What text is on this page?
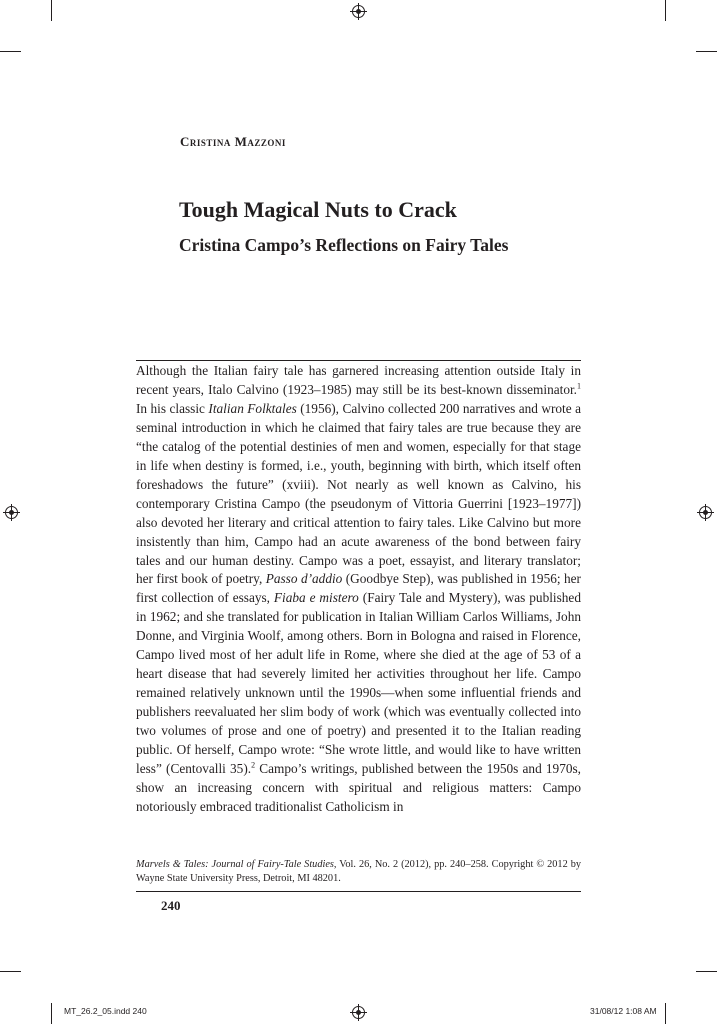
Cristina Mazzoni
Tough Magical Nuts to Crack
Cristina Campo’s Reflections on Fairy Tales

Although the Italian fairy tale has garnered increasing attention outside Italy in recent years, Italo Calvino (1923–1985) may still be its best-known disseminator.$^1$ In his classic Italian Folktales (1956), Calvino collected 200 narratives and wrote a seminal introduction in which he claimed that fairy tales are true because they are “the catalog of the potential destinies of men and women, especially for that stage in life when destiny is formed, i.e., youth, beginning with birth, which itself often foreshadows the future” (xviii). Not nearly as well known as Calvino, his contemporary Cristina Campo (the pseudonym of Vittoria Guerrini [1923–1977]) also devoted her literary and critical attention to fairy tales. Like Calvino but more insistently than him, Campo had an acute awareness of the bond between fairy tales and our human destiny. Campo was a poet, essayist, and literary translator; her first book of poetry, Passo d’addio (Goodbye Step), was published in 1956; her first collection of essays, Fiaba e mistero (Fairy Tale and Mystery), was published in 1962; and she translated for publication in Italian William Carlos Williams, John Donne, and Virginia Woolf, among others. Born in Bologna and raised in Florence, Campo lived most of her adult life in Rome, where she died at the age of 53 of a heart disease that had severely limited her activities throughout her life. Campo remained relatively unknown until the 1990s—when some influential friends and publishers reevaluated her slim body of work (which was eventually collected into two volumes of prose and one of poetry) and presented it to the Italian reading public. Of herself, Campo wrote: “She wrote little, and would like to have written less” (Centovalli 35).$^2$ Campo’s writings, published between the 1950s and 1970s, show an increasing concern with spiritual and religious matters: Campo notoriously embraced traditionalist Catholicism in

Marvels & Tales: Journal of Fairy-Tale Studies, Vol. 26, No. 2 (2012), pp. 240–258. Copyright © 2012 by Wayne State University Press, Detroit, MI 48201.
240
MT_26.2_05.indd 240	31/08/12 1:08 AM
